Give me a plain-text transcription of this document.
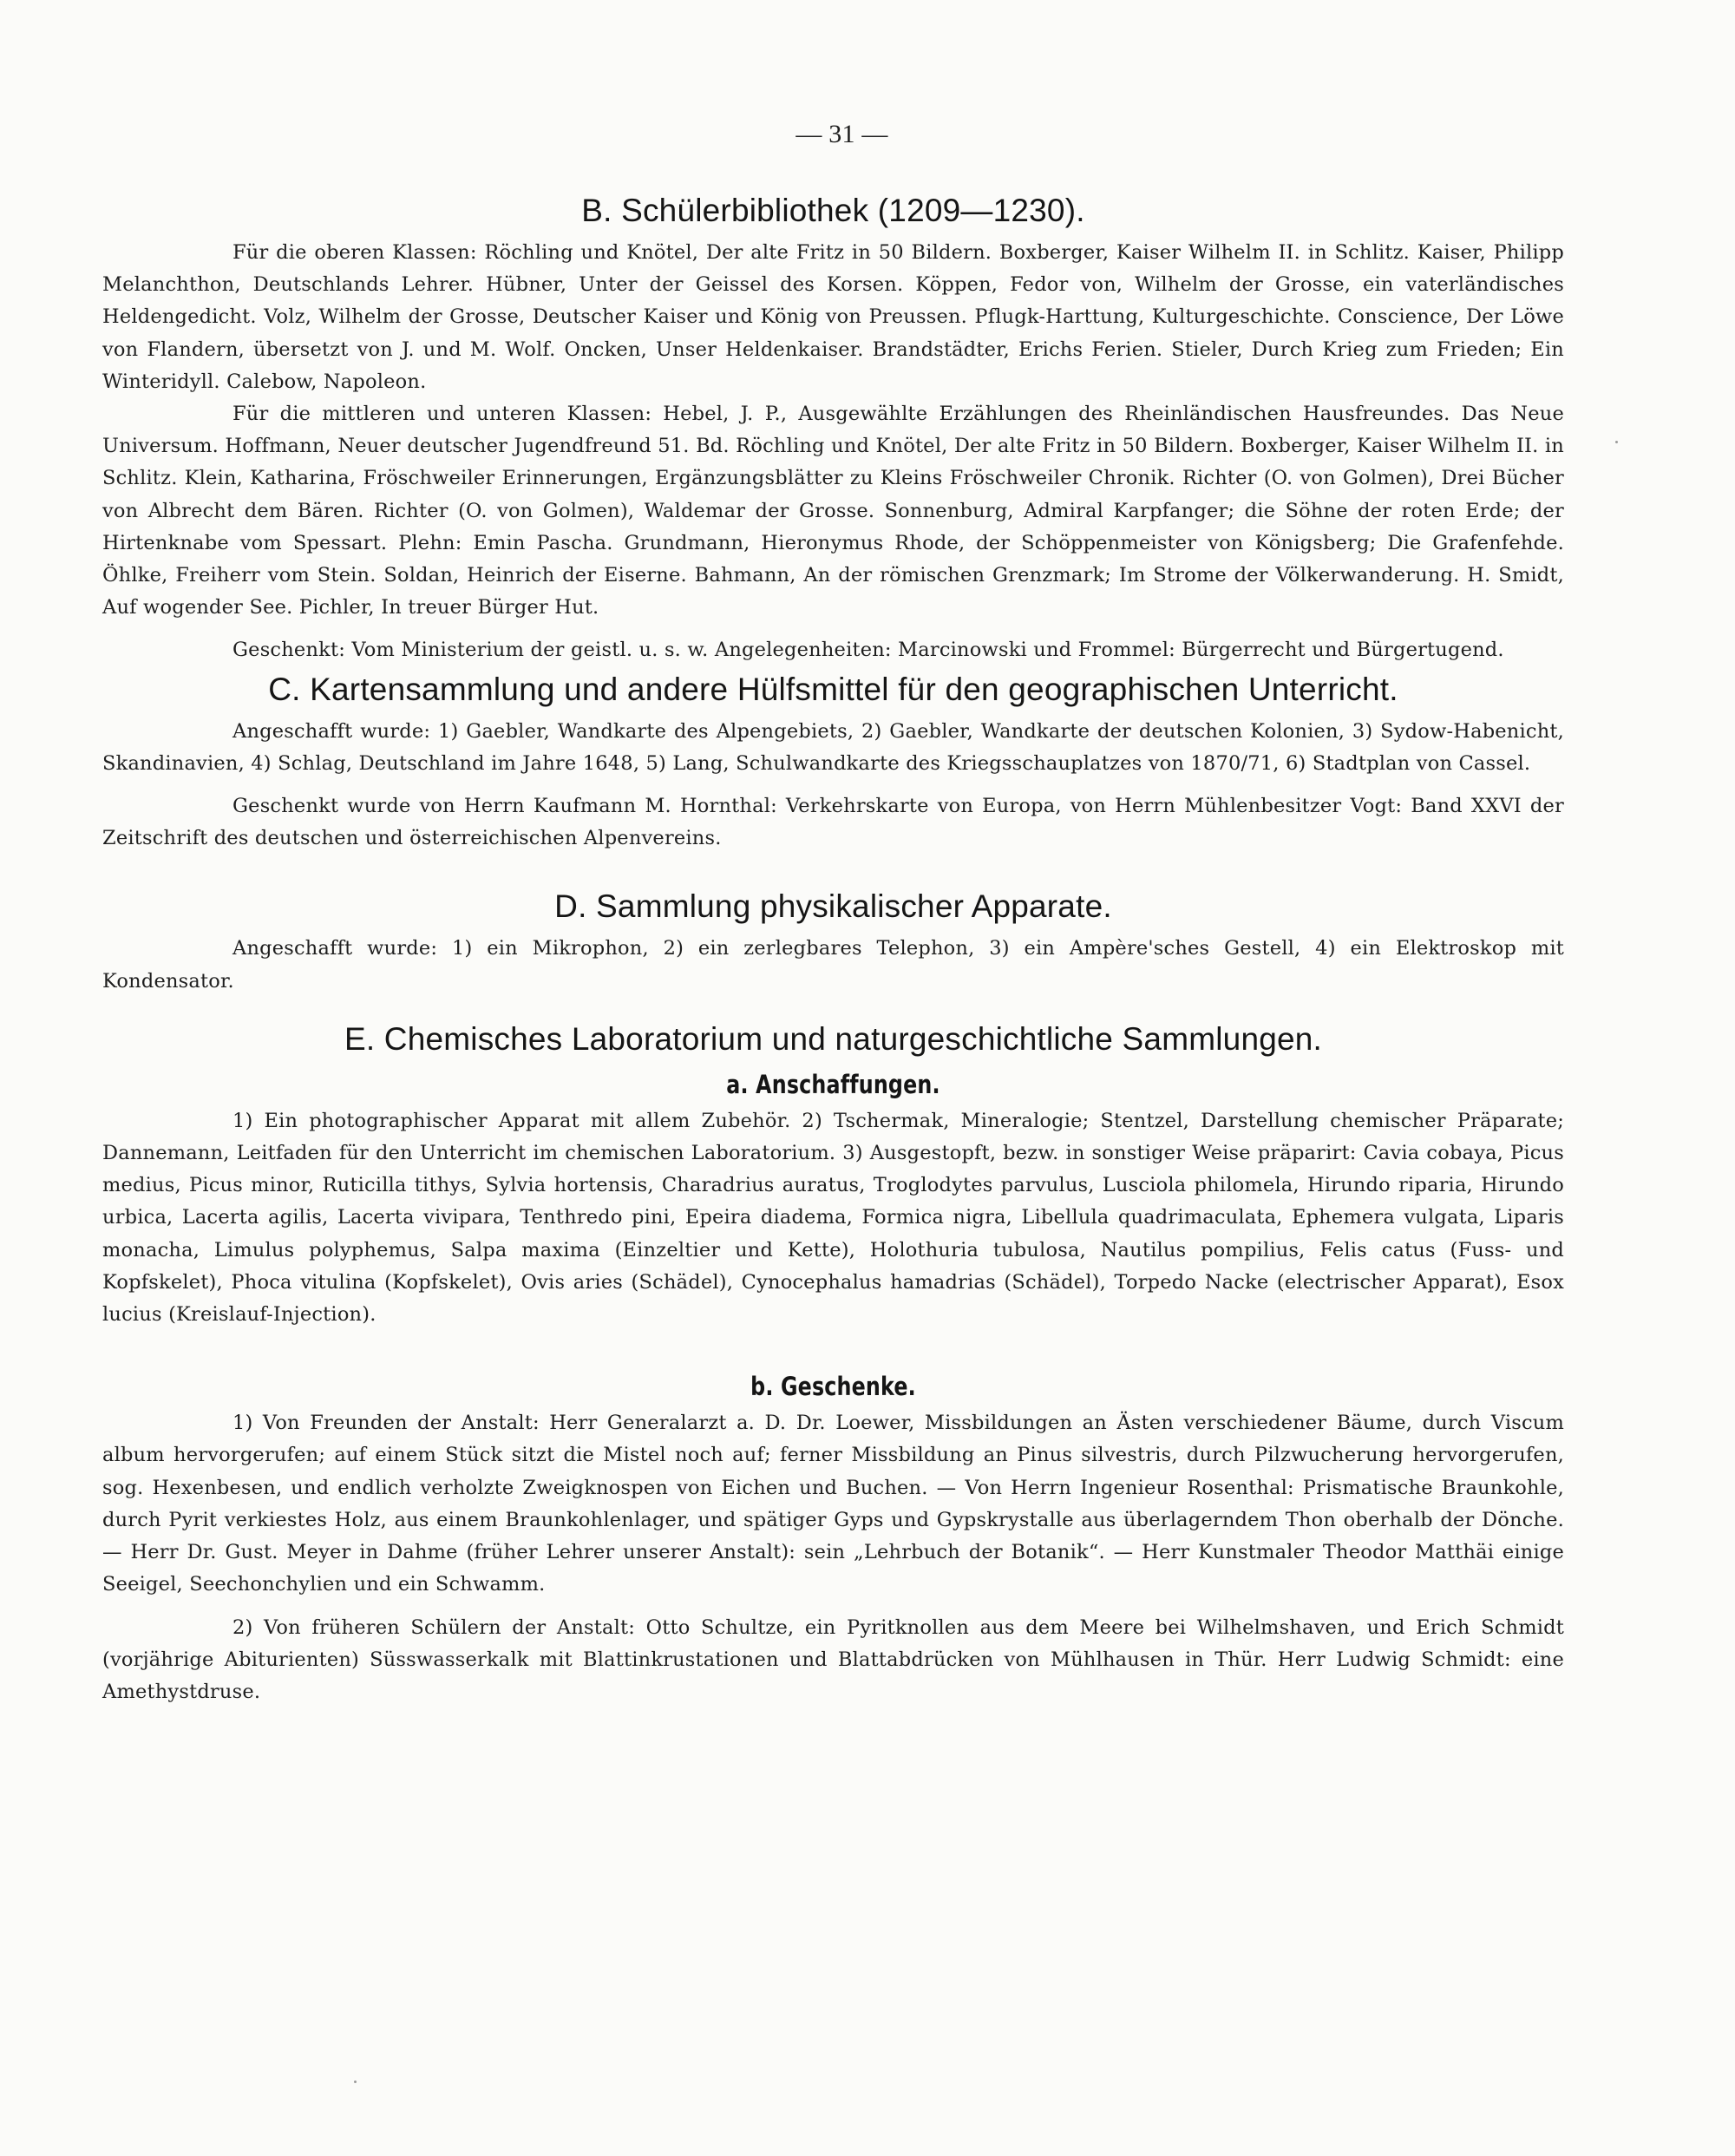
— 31 —
B. Schülerbibliothek (1209—1230).

Für die oberen Klassen: Röchling und Knötel, Der alte Fritz in 50 Bildern. Boxberger, Kaiser Wilhelm II. in Schlitz. Kaiser, Philipp Melanchthon, Deutschlands Lehrer. Hübner, Unter der Geissel des Korsen. Köppen, Fedor von, Wilhelm der Grosse, ein vaterländisches Heldengedicht. Volz, Wilhelm der Grosse, Deutscher Kaiser und König von Preussen. Pflugk-Harttung, Kulturgeschichte. Conscience, Der Löwe von Flandern, übersetzt von J. und M. Wolf. Oncken, Unser Heldenkaiser. Brandstädter, Erichs Ferien. Stieler, Durch Krieg zum Frieden; Ein Winteridyll. Calebow, Napoleon.

Für die mittleren und unteren Klassen: Hebel, J. P., Ausgewählte Erzählungen des Rheinländischen Hausfreundes. Das Neue Universum. Hoffmann, Neuer deutscher Jugendfreund 51. Bd. Röchling und Knötel, Der alte Fritz in 50 Bildern. Boxberger, Kaiser Wilhelm II. in Schlitz. Klein, Katharina, Fröschweiler Erinnerungen, Ergänzungsblätter zu Kleins Fröschweiler Chronik. Richter (O. von Golmen), Drei Bücher von Albrecht dem Bären. Richter (O. von Golmen), Waldemar der Grosse. Sonnenburg, Admiral Karpfanger; die Söhne der roten Erde; der Hirtenknabe vom Spessart. Plehn: Emin Pascha. Grundmann, Hieronymus Rhode, der Schöppenmeister von Königsberg; Die Grafenfehde. Öhlke, Freiherr vom Stein. Soldan, Heinrich der Eiserne. Bahmann, An der römischen Grenzmark; Im Strome der Völkerwanderung. H. Smidt, Auf wogender See. Pichler, In treuer Bürger Hut.

Geschenkt: Vom Ministerium der geistl. u. s. w. Angelegenheiten: Marcinowski und Frommel: Bürgerrecht und Bürgertugend.

C. Kartensammlung und andere Hülfsmittel für den geographischen Unterricht.

Angeschafft wurde: 1) Gaebler, Wandkarte des Alpengebiets, 2) Gaebler, Wandkarte der deutschen Kolonien, 3) Sydow-Habenicht, Skandinavien, 4) Schlag, Deutschland im Jahre 1648, 5) Lang, Schulwandkarte des Kriegsschauplatzes von 1870/71, 6) Stadtplan von Cassel.

Geschenkt wurde von Herrn Kaufmann M. Hornthal: Verkehrskarte von Europa, von Herrn Mühlenbesitzer Vogt: Band XXVI der Zeitschrift des deutschen und österreichischen Alpenvereins.

D. Sammlung physikalischer Apparate.

Angeschafft wurde: 1) ein Mikrophon, 2) ein zerlegbares Telephon, 3) ein Ampère'sches Gestell, 4) ein Elektroskop mit Kondensator.

E. Chemisches Laboratorium und naturgeschichtliche Sammlungen.
a. Anschaffungen.

1) Ein photographischer Apparat mit allem Zubehör. 2) Tschermak, Mineralogie; Stentzel, Darstellung chemischer Präparate; Dannemann, Leitfaden für den Unterricht im chemischen Laboratorium. 3) Ausgestopft, bezw. in sonstiger Weise präparirt: Cavia cobaya, Picus medius, Picus minor, Ruticilla tithys, Sylvia hortensis, Charadrius auratus, Troglodytes parvulus, Lusciola philomela, Hirundo riparia, Hirundo urbica, Lacerta agilis, Lacerta vivipara, Tenthredo pini, Epeira diadema, Formica nigra, Libellula quadrimaculata, Ephemera vulgata, Liparis monacha, Limulus polyphemus, Salpa maxima (Einzeltier und Kette), Holothuria tubulosa, Nautilus pompilius, Felis catus (Fuss- und Kopfskelet), Phoca vitulina (Kopfskelet), Ovis aries (Schädel), Cynocephalus hamadrias (Schädel), Torpedo Nacke (electrischer Apparat), Esox lucius (Kreislauf-Injection).

b. Geschenke.

1) Von Freunden der Anstalt: Herr Generalarzt a. D. Dr. Loewer, Missbildungen an Ästen verschiedener Bäume, durch Viscum album hervorgerufen; auf einem Stück sitzt die Mistel noch auf; ferner Missbildung an Pinus silvestris, durch Pilzwucherung hervorgerufen, sog. Hexenbesen, und endlich verholzte Zweigknospen von Eichen und Buchen. — Von Herrn Ingenieur Rosenthal: Prismatische Braunkohle, durch Pyrit verkiestes Holz, aus einem Braunkohlenlager, und spätiger Gyps und Gypskrystalle aus überlagerndem Thon oberhalb der Dönche. — Herr Dr. Gust. Meyer in Dahme (früher Lehrer unserer Anstalt): sein „Lehrbuch der Botanik“. — Herr Kunstmaler Theodor Matthäi einige Seeigel, Seechonchylien und ein Schwamm.

2) Von früheren Schülern der Anstalt: Otto Schultze, ein Pyritknollen aus dem Meere bei Wilhelmshaven, und Erich Schmidt (vorjährige Abiturienten) Süsswasserkalk mit Blattinkrustationen und Blattabdrücken von Mühlhausen in Thür. Herr Ludwig Schmidt: eine Amethystdruse.
